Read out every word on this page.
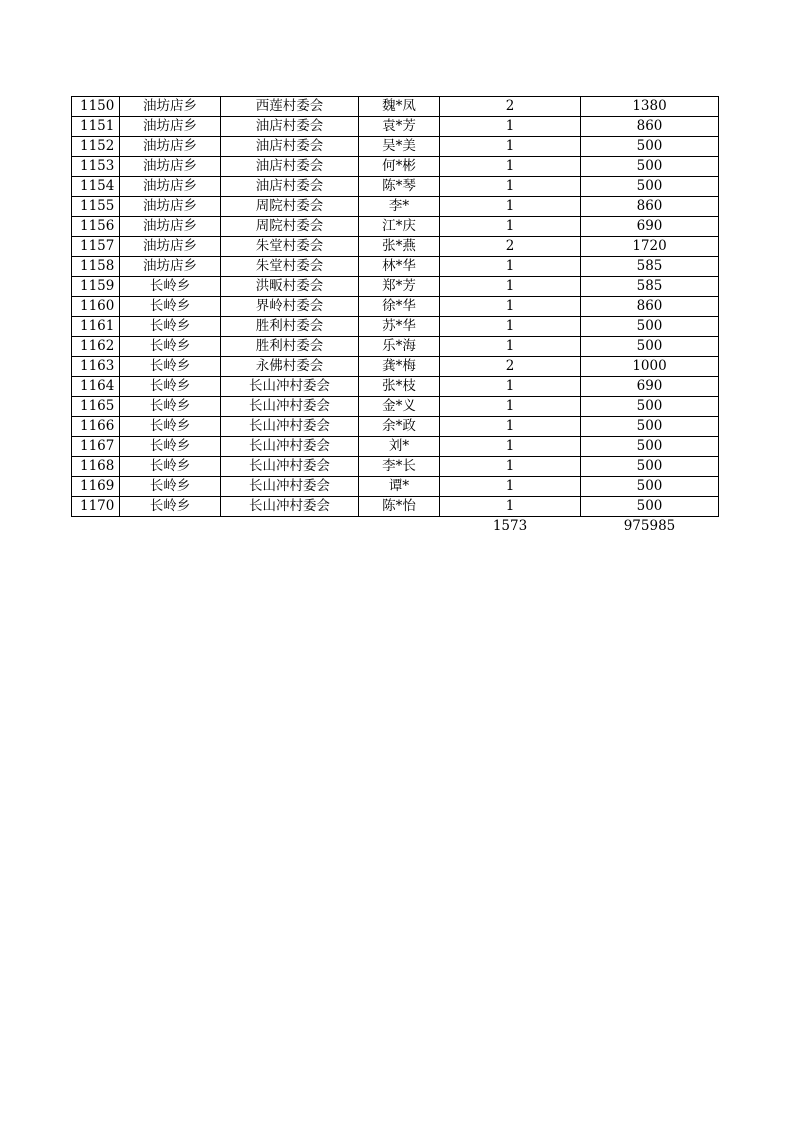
1150	油坊店乡	西莲村委会	魏*凤	2	1380
1151	油坊店乡	油店村委会	袁*芳	1	860
1152	油坊店乡	油店村委会	吴*美	1	500
1153	油坊店乡	油店村委会	何*彬	1	500
1154	油坊店乡	油店村委会	陈*琴	1	500
1155	油坊店乡	周院村委会	李*	1	860
1156	油坊店乡	周院村委会	江*庆	1	690
1157	油坊店乡	朱堂村委会	张*燕	2	1720
1158	油坊店乡	朱堂村委会	林*华	1	585
1159	长岭乡	洪畈村委会	郑*芳	1	585
1160	长岭乡	界岭村委会	徐*华	1	860
1161	长岭乡	胜利村委会	苏*华	1	500
1162	长岭乡	胜利村委会	乐*海	1	500
1163	长岭乡	永佛村委会	龚*梅	2	1000
1164	长岭乡	长山冲村委会	张*枝	1	690
1165	长岭乡	长山冲村委会	金*义	1	500
1166	长岭乡	长山冲村委会	余*政	1	500
1167	长岭乡	长山冲村委会	刘*	1	500
1168	长岭乡	长山冲村委会	李*长	1	500
1169	长岭乡	长山冲村委会	谭*	1	500
1170	长岭乡	长山冲村委会	陈*怡	1	500
				1573	975985
